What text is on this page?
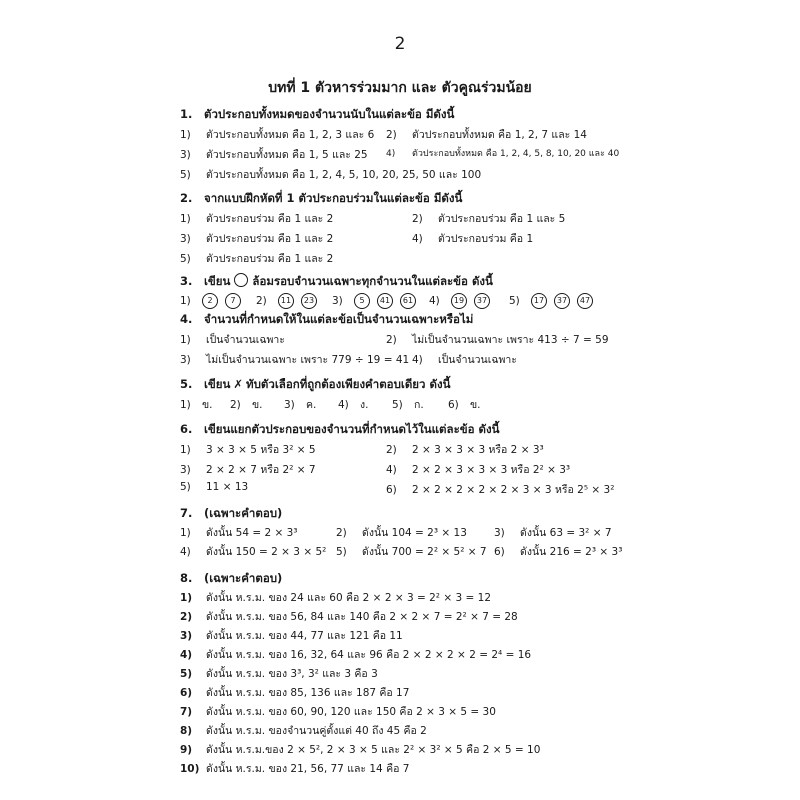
2
บทที่ 1 ตัวหารร่วมมาก และ ตัวคูณร่วมน้อย
1. ตัวประกอบทั้งหมดของจำนวนนับในแต่ละข้อ มีดังนี้
1) ตัวประกอบทั้งหมด คือ 1, 2, 3 และ 6 2) ตัวประกอบทั้งหมด คือ 1, 2, 7 และ 14
3) ตัวประกอบทั้งหมด คือ 1, 5 และ 25 4) ตัวประกอบทั้งหมด คือ 1, 2, 4, 5, 8, 10, 20 และ 40
5) ตัวประกอบทั้งหมด คือ 1, 2, 4, 5, 10, 20, 25, 50 และ 100
2. จากแบบฝึกหัดที่ 1 ตัวประกอบร่วมในแต่ละข้อ มีดังนี้
1) ตัวประกอบร่วม คือ 1 และ 2	2) ตัวประกอบร่วม คือ 1 และ 5
3) ตัวประกอบร่วม คือ 1 และ 2	4) ตัวประกอบร่วม คือ 1
5) ตัวประกอบร่วม คือ 1 และ 2
3. เขียน ล้อมรอบจำนวนเฉพาะทุกจำนวนในแต่ละข้อ ดังนี้
1) 2 7	2) 11 23	3) 5 41 61	4) 19 37	5) 17 37 47
4. จำนวนที่กำหนดให้ในแต่ละข้อเป็นจำนวนเฉพาะหรือไม่
1) เป็นจำนวนเฉพาะ	2) ไม่เป็นจำนวนเฉพาะ เพราะ 413 ÷ 7 = 59
3) ไม่เป็นจำนวนเฉพาะ เพราะ 779 ÷ 19 = 41 4) เป็นจำนวนเฉพาะ
5. เขียน ✗ ทับตัวเลือกที่ถูกต้องเพียงคำตอบเดียว ดังนี้
1) ข. 2) ข. 3) ค. 4) ง. 5) ก. 6) ข.
6. เขียนแยกตัวประกอบของจำนวนที่กำหนดไว้ในแต่ละข้อ ดังนี้
1) 3 × 3 × 5 หรือ 3² × 5	2) 2 × 3 × 3 × 3 หรือ 2 × 3³
3) 2 × 2 × 7 หรือ 2² × 7	4) 2 × 2 × 3 × 3 × 3 หรือ 2² × 3³
5) 11 × 13	6) 2 × 2 × 2 × 2 × 2 × 3 × 3 หรือ 2⁵ × 3²
7. (เฉพาะคำตอบ)
1) ดังนั้น 54 = 2 × 3³	2) ดังนั้น 104 = 2³ × 13	3) ดังนั้น 63 = 3² × 7
4) ดังนั้น 150 = 2 × 3 × 5² 5) ดังนั้น 700 = 2² × 5² × 7 6) ดังนั้น 216 = 2³ × 3³
8. (เฉพาะคำตอบ)
1) ดังนั้น ห.ร.ม. ของ 24 และ 60 คือ 2 × 2 × 3 = 2² × 3 = 12
2) ดังนั้น ห.ร.ม. ของ 56, 84 และ 140 คือ 2 × 2 × 7 = 2² × 7 = 28
3) ดังนั้น ห.ร.ม. ของ 44, 77 และ 121 คือ 11
4) ดังนั้น ห.ร.ม. ของ 16, 32, 64 และ 96 คือ 2 × 2 × 2 × 2 = 2⁴ = 16
5) ดังนั้น ห.ร.ม. ของ 3³, 3² และ 3 คือ 3
6) ดังนั้น ห.ร.ม. ของ 85, 136 และ 187 คือ 17
7) ดังนั้น ห.ร.ม. ของ 60, 90, 120 และ 150 คือ 2 × 3 × 5 = 30
8) ดังนั้น ห.ร.ม. ของจำนวนคู่ตั้งแต่ 40 ถึง 45 คือ 2
9) ดังนั้น ห.ร.ม.ของ 2 × 5², 2 × 3 × 5 และ 2² × 3² × 5 คือ 2 × 5 = 10
10) ดังนั้น ห.ร.ม. ของ 21, 56, 77 และ 14 คือ 7
